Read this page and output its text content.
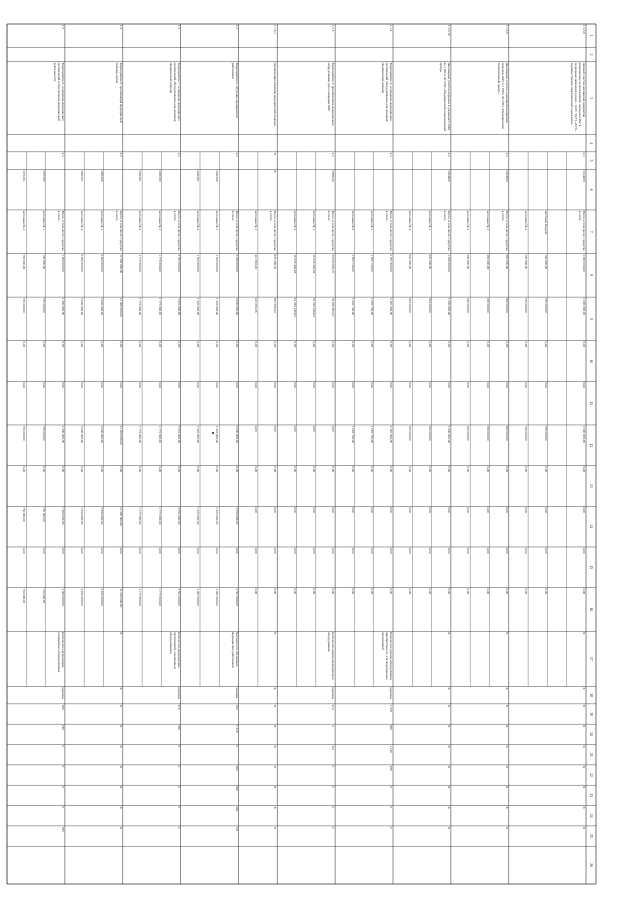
1
2
3
4
5
6
7
8
9
10
11
12
13
14
15
16
17
18
19
20
21
22
23
24
25
26
1.1.3.8
Дачный участок жилищной инициатив разрешенное использование: передача ОАУ в поддержке заявления (далее – КПУ УДУ) «АТУ» Администрации лицензионный учреждение
4.1
1014000
Всего, в том числе: средства в счете
1 000 000,00
1 000 000,00
0,00
0,00
1 500 000,00
0,00
0,00
0,00
0,00
Х
Х
Х
Х
Х
Х
Х
Х
Х
местный бюджет
750 000,00
750 000,00
0,00
0,00
750 000,00
0,00
0,00
0,00
0,00
источник № 2
750 000,00
750 000,00
0,00
0,00
750 000,00
0,00
0,00
0,00
0,00
1.1.3.9
Жилищный участок жилищной инициатив передача ОАУ в 1 НВ в АГУЗО «Медицинский лицензионный центр»
4.1
1034300
Всего, в том числе: средства в счете
500 000,00
500 000,00
0,00
0,00
500 000,00
0,00
0,00
0,00
0,00
Х
Х
Х
Х
Х
Х
Х
Х
Х
источник № 1
250 000,00
250 000,00
0,00
0,00
250 000,00
0,00
0,00
0,00
0,00
источник № 2
250 000,00
250 000,00
0,00
0,00
250 000,00
0,00
0,00
0,00
0,00
1.1.3.10
Жилищный участок передача в специалист ОАУ во 1 НВ в АГУЗО «Медицинский лицензионный центр»
4.1
1034600
Всего, в том числе: средства в счете
1 050 000,00
1 050 000,00
0,00
0,00
1 050 000,00
0,00
0,00
0,00
0,00
Х
Х
Х
Х
Х
Х
Х
Х
Х
источник № 1
525 000,00
525 000,00
0,00
0,00
525 000,00
0,00
0,00
0,00
0,00
источник № 2
525 000,00
525 000,00
0,00
0,00
525 000,00
0,00
0,00
0,00
0,00
1.1.4
Мероприятие 4: оснащение медицинских организаций оборудованием для оказания медицинской помощи
4.1
Всего, в том числе: средства в счете
2 187 500,00
2 187 500,00
0,00
0,00
2 187 500,00
0,00
0,00
0,00
0,00
Количество единиц оборудования, приобретенного для медицинских организаций
единица
1 570
820
1 120
480
0
0
0
источник № 1
1 093 750,00
1 093 750,00
0,00
0,00
1 093 750,00
0,00
0,00
0,00
0,00
источник № 2
1 093 750,00
1 093 750,00
0,00
0,00
1 093 750,00
0,00
0,00
0,00
0,00
1.1.5
Мероприятие 5: приобретение медицинского оборудования для оснащения ОАУ
4.1
1056340
Всего, в том числе: средства в счете
33 050 693,27
33 050 693,27
0,00
0,00
0,00
0,00
0,00
0,00
0,00
Количество единиц медицинского оборудования
единица
274
4
114
0
0
0
0
источник № 1
16 525 346,64
16 525 346,64
0,00
0,00
0,00
0,00
0,00
0,00
0,00
источник № 2
16 525 346,63
16 525 346,63
0,00
0,00
0,00
0,00
0,00
0,00
0,00
1.1.5.1
Организация оказания медицинской помощи
Х
Х
Всего, в том числе: средства в счете
823 306,52
823 306,52
0,00
0,00
0,00
0,00
0,00
0,00
0,00
Х
Х
Х
Х
Х
Х
Х
Х
Х
источник № 1
411 653,26
411 653,26
0,00
0,00
0,00
0,00
0,00
0,00
0,00
1.2
Мероприятие 6: обучение медицинских работников
4.1
Всего, в том числе: средства в счете
3 050 000,00
3 050 000,00
0,00
0,00
3 050 000,00
0,00
3 050 000,00
0,00
2 567 000,00
Численность обученных медицинских работников
человек
762
1 516
0
560
940
360
311
1041000
источник № 1
1 525 000,00
1 525 000,00
0,00
0,00
1 525 000,00
0,00
1 525 000,00
0,00
1 283 500,00
1041001
источник № 2
1 525 000,00
1 525 000,00
0,00
0,00
1 525 000,00
0,00
1 525 000,00
0,00
1 283 500,00
1.3
Мероприятие 7: оснащение медицинских организаций оборудованием для оказания медицинской помощи
4.1
Всего, в том числе: средства в счете
3 551 000,00
3 551 000,00
0,00
0,00
3 551 000,00
0,00
3 551 000,00
0,00
3 551 000,00
Количество медицинских организаций, оснащенных оборудованием
единица
270
250
0
0
0
0
0
1051000
источник № 1
1 775 500,00
1 775 500,00
0,00
0,00
1 775 500,00
0,00
1 775 500,00
0,00
1 775 500,00
1051001
источник № 2
1 775 500,00
1 775 500,00
0,00
0,00
1 775 500,00
0,00
1 775 500,00
0,00
1 775 500,00
1.4
Мероприятие 8: организация медицинской помощи детям
4.1
Всего, в том числе: средства в счете
11 300 000,00
11 300 000,00
0,00
0,00
11 300 000,00
0,00
11 300 000,00
0,00
11 300 000,00
Х
Х
Х
Х
Х
Х
Х
Х
Х
1061000
источник № 1
5 650 000,00
5 650 000,00
0,00
0,00
5 650 000,00
0,00
5 650 000,00
0,00
5 650 000,00
1061001
источник № 2
5 650 000,00
5 650 000,00
0,00
0,00
5 650 000,00
0,00
5 650 000,00
0,00
5 650 000,00
1.5
Мероприятие 9: оснащение медицинских организаций и обеспечение медицинской деятельности
4.1
Всего, в том числе: средства в счете
1 500 000,00
1 500 000,00
0,00
0,00
1 500 000,00
0,00
1 500 000,00
0,00
1 500 000,00
Количество организаций, оснащенных оборудованием
единица
180
185
0
0
0
0
185
1071000
источник № 1
750 000,00
750 000,00
0,00
0,00
750 000,00
0,00
750 000,00
0,00
750 000,00
1071001
источник № 2
750 000,00
750 000,00
0,00
0,00
750 000,00
0,00
750 000,00
0,00
750 000,00
